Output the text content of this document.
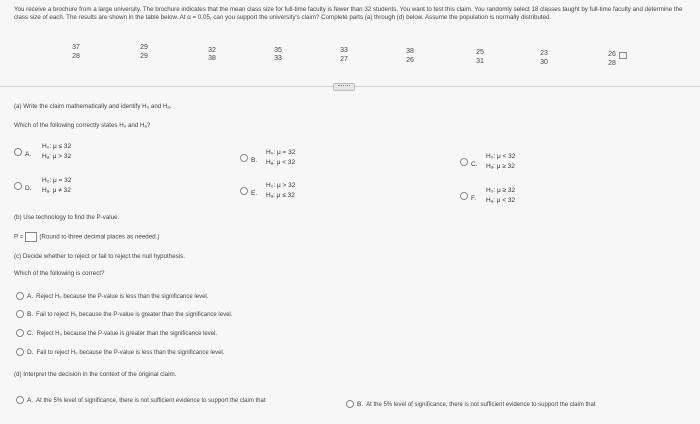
You receive a brochure from a large university. The brochure indicates that the mean class size for full-time faculty is fewer than 32 students. You want to test this claim. You randomly select 18 classes taught by full-time faculty and determine the class size of each. The results are shown in the table below. At α = 0.05, can you support the university's claim? Complete parts (a) through (d) below. Assume the population is normally distributed.
37	29	32	35	33	38	25	23	26
28	29	38	33	27	26	31	30	28
(a) Write the claim mathematically and identify H₀ and Hₐ.
Which of the following correctly states H₀ and Hₐ?
A.
H₀: μ ≤ 32
Hₐ: μ > 32
B.
H₀: μ = 32
Hₐ: μ < 32	C.
H₀: μ < 32
Hₐ: μ ≥ 32
D.
H₀: μ = 32
Hₐ: μ ≠ 32	E.
H₀: μ > 32
Hₐ: μ ≤ 32	F.
H₀: μ ≥ 32
Hₐ: μ < 32
(b) Use technology to find the P-value.
P =	(Round to three decimal places as needed.)
(c) Decide whether to reject or fail to reject the null hypothesis.
Which of the following is correct?
A. Reject H₀ because the P-value is less than the significance level.
B. Fail to reject H₀ because the P-value is greater than the significance level.
C. Reject H₀ because the P-value is greater than the significance level.
D. Fail to reject H₀ because the P-value is less than the significance level.
(d) Interpret the decision in the context of the original claim.
A. At the 5% level of significance, there is not sufficient evidence to support the claim that	B. At the 5% level of significance, there is not sufficient evidence to support the claim that
